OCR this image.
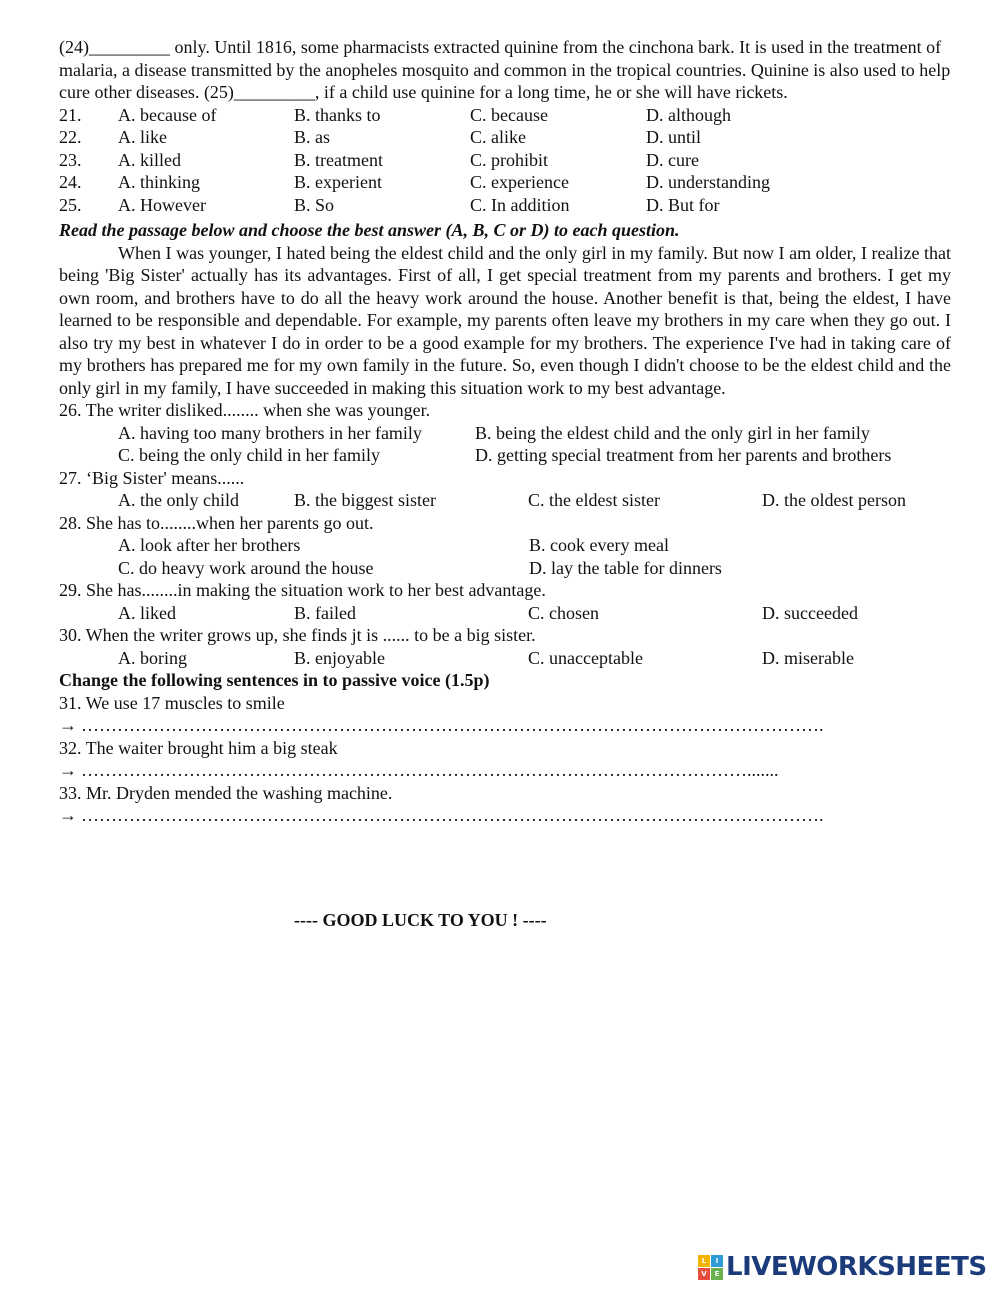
(24)_________ only. Until 1816, some pharmacists extracted quinine from the cinchona bark. It is used in the treatment of malaria, a disease transmitted by the anopheles mosquito and common in the tropical countries. Quinine is also used to help cure other diseases. (25)_________, if a child use quinine for a long time, he or she will have rickets.

21.	A. because of	B. thanks to	C. because	D. although
22.	A. like	B. as	C. alike	D. until
23.	A. killed	B. treatment	C. prohibit	D. cure
24.	A. thinking	B. experient	C. experience	D. understanding
25.	A. However	B. So	C. In addition	D. But for

Read the passage below and choose the best answer (A, B, C or D) to each question.

When I was younger, I hated being the eldest child and the only girl in my family. But now I am older, I realize that being 'Big Sister' actually has its advantages. First of all, I get special treatment from my parents and brothers. I get my own room, and brothers have to do all the heavy work around the house. Another benefit is that, being the eldest, I have learned to be responsible and dependable. For example, my parents often leave my brothers in my care when they go out. I also try my best in whatever I do in order to be a good example for my brothers. The experience I've had in taking care of my brothers has prepared me for my own family in the future. So, even though I didn't choose to be the eldest child and the only girl in my family, I have succeeded in making this situation work to my best advantage.

26. The writer disliked........ when she was younger.
A. having too many brothers in her family	B. being the eldest child and the only girl in her family
C. being the only child in her family	D. getting special treatment from her parents and brothers
27. ‘Big Sister' means......
A. the only child	B. the biggest sister	C. the eldest sister	D. the oldest person
28. She has to........when her parents go out.
A. look after her brothers	B. cook every meal
C. do heavy work around the house	D. lay the table for dinners
29. She has........in making the situation work to her best advantage.
A. liked	B. failed	C. chosen	D. succeeded
30. When the writer grows up, she finds jt is ...... to be a big sister.
A. boring	B. enjoyable	C. unacceptable	D. miserable
Change the following sentences in to passive voice (1.5p)
31. We use 17 muscles to smile
→ …………………………………………………………………………………………………………….
32. The waiter brought him a big steak
→ ………………………………………………………………………………………………….......
33. Mr. Dryden mended the washing machine.
→ …………………………………………………………………………………………………………….
---- GOOD LUCK TO YOU ! ----
L	I
V	E LIVEWORKSHEETS
